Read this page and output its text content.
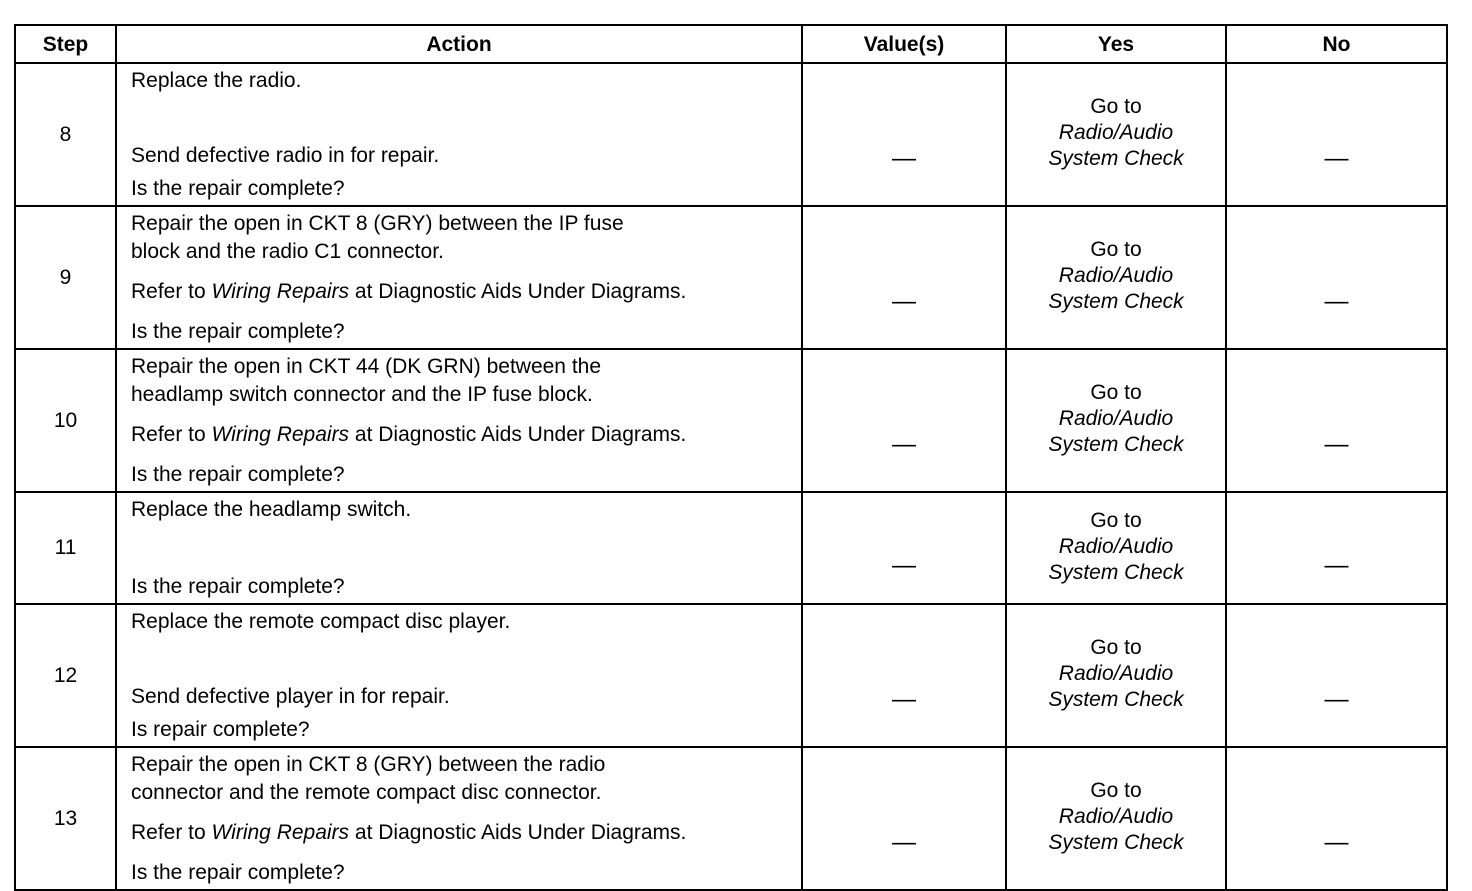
Step	Action	Value(s)	Yes	No
8	Replace the radio.
Send defective radio in for repair.
Is the repair complete?	—	Go to
Radio/Audio
System Check	—
9	Repair the open in CKT 8 (GRY) between the IP fuse
block and the radio C1 connector.
Refer to Wiring Repairs at Diagnostic Aids Under Diagrams.
Is the repair complete?	—	Go to
Radio/Audio
System Check	—
10	Repair the open in CKT 44 (DK GRN) between the
headlamp switch connector and the IP fuse block.
Refer to Wiring Repairs at Diagnostic Aids Under Diagrams.
Is the repair complete?	—	Go to
Radio/Audio
System Check	—
11	Replace the headlamp switch.
Is the repair complete?	—	Go to
Radio/Audio
System Check	—
12	Replace the remote compact disc player.
Send defective player in for repair.
Is repair complete?	—	Go to
Radio/Audio
System Check	—
13	Repair the open in CKT 8 (GRY) between the radio
connector and the remote compact disc connector.
Refer to Wiring Repairs at Diagnostic Aids Under Diagrams.
Is the repair complete?	—	Go to
Radio/Audio
System Check	—
